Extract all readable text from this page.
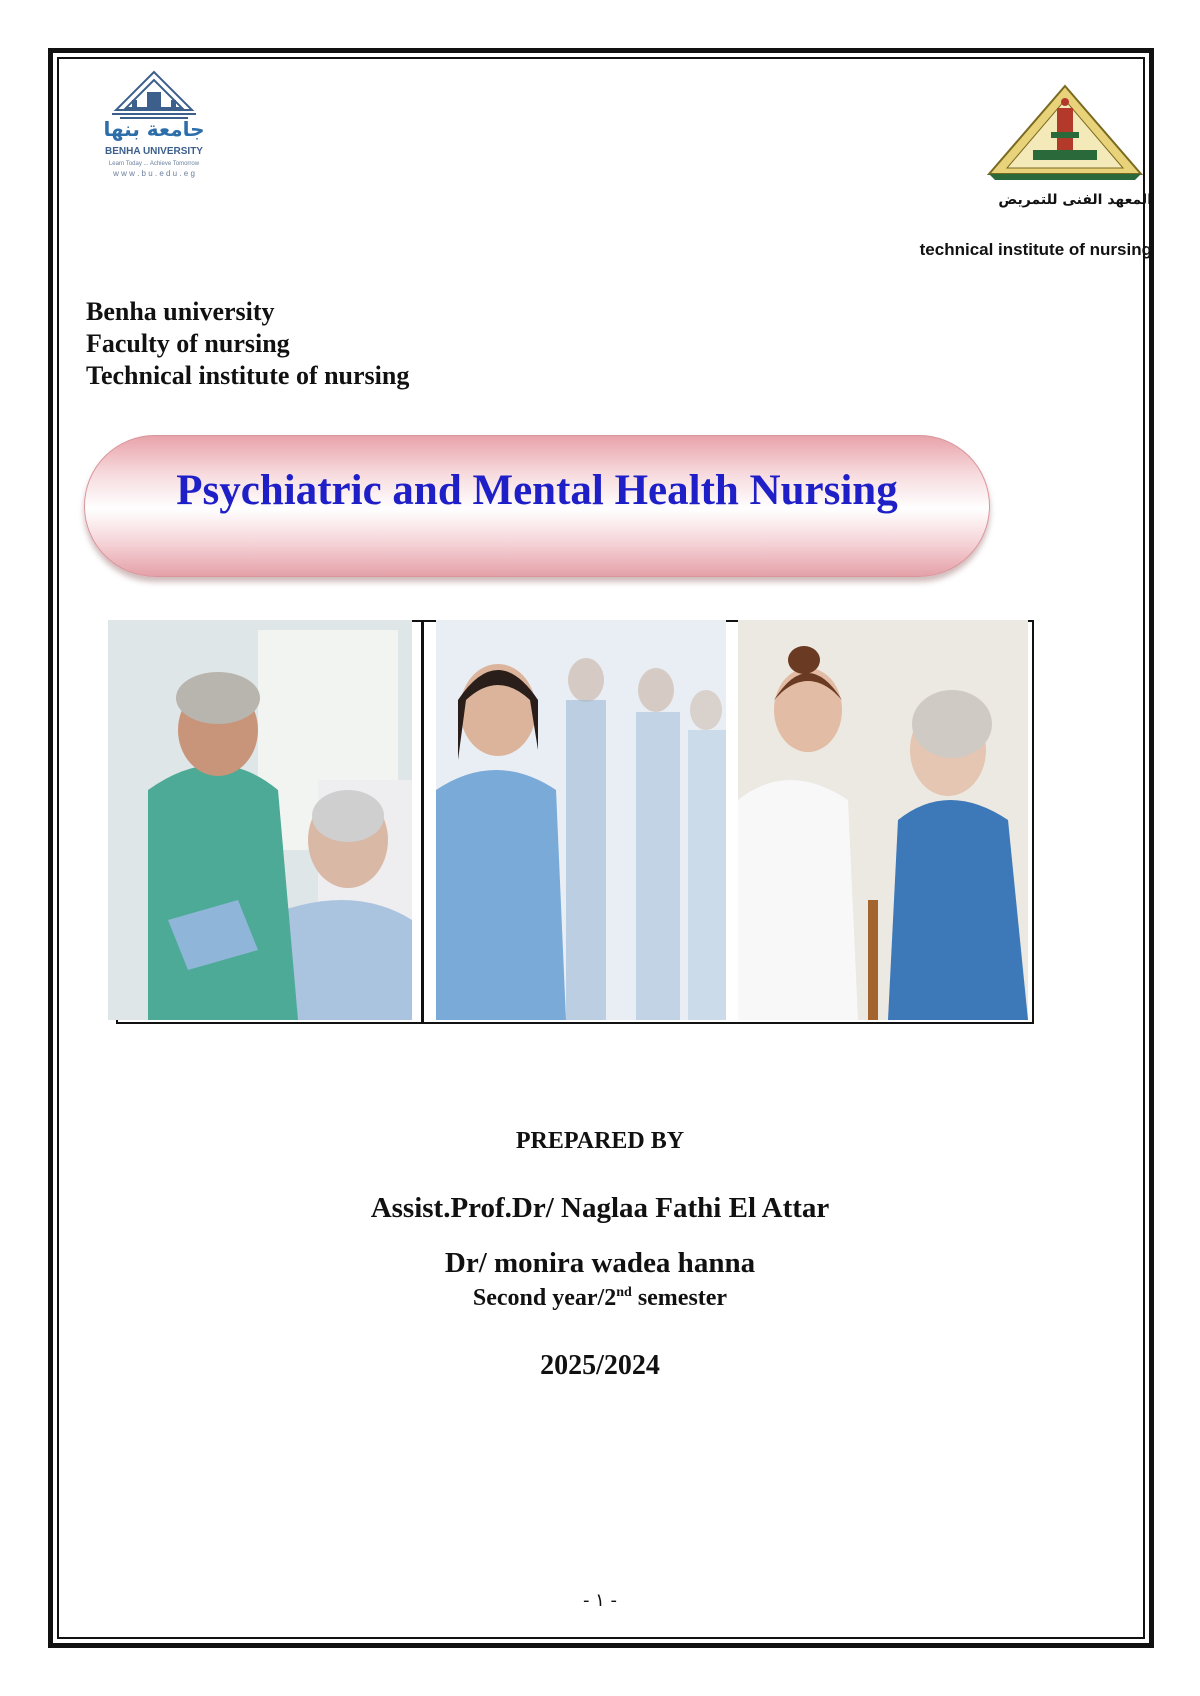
جامعة بنها
BENHA UNIVERSITY
Learn Today ... Achieve Tomorrow
w w w . b u . e d u . e g
المعهد الفنى للتمريض
technical institute of nursing
Benha university
Faculty of nursing
Technical institute of nursing
Psychiatric and Mental Health Nursing
PREPARED BY
Assist.Prof.Dr/ Naglaa Fathi El Attar
Dr/ monira wadea hanna
Second year/2nd semester
2025/2024
- ١ -
